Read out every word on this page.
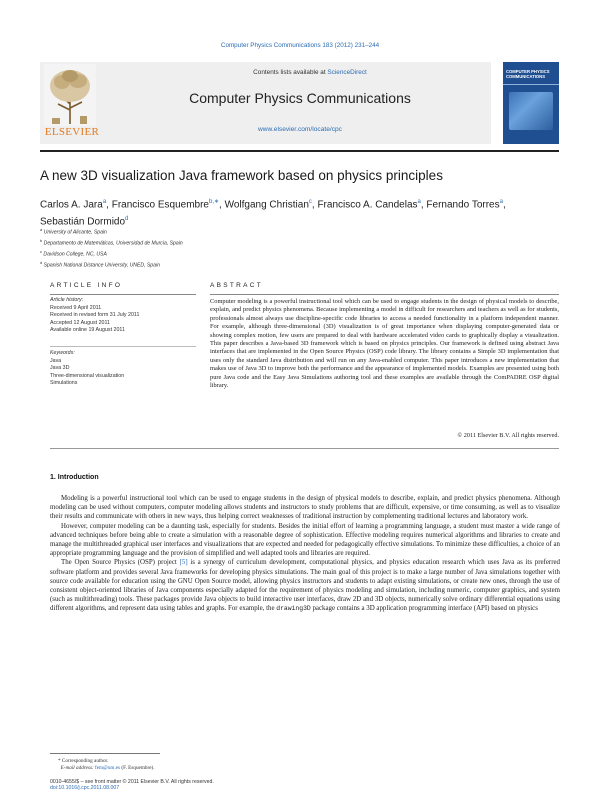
Computer Physics Communications 183 (2012) 231–244
ELSEVIER
Contents lists available at ScienceDirect
Computer Physics Communications
www.elsevier.com/locate/cpc
COMPUTER PHYSICS COMMUNICATIONS
A new 3D visualization Java framework based on physics principles
Carlos A. Jara$^a$, Francisco Esquembre$^{b,∗}$, Wolfgang Christian$^c$, Francisco A. Candelas$^a$, Fernando Torres$^a$,
Sebastián Dormido$^d$
$^a$ University of Alicante, Spain
$^b$ Departamento de Matemáticas, Universidad de Murcia, Spain
$^c$ Davidson College, NC, USA
$^d$ Spanish National Distance University, UNED, Spain
ARTICLE INFO
Article history:
Received 9 April 2011
Received in revised form 31 July 2011
Accepted 12 August 2011
Available online 19 August 2011
Keywords:
Java
Java 3D
Three-dimensional visualization
Simulations
ABSTRACT
Computer modeling is a powerful instructional tool which can be used to engage students in the design of physical models to describe, explain, and predict physics phenomena. Because implementing a model in difficult for researchers and teachers as well as for students, professionals almost always use discipline-specific code libraries to access a needed functionality in a platform independent manner. For example, although three-dimensional (3D) visualization is of great importance when displaying computer-generated data or showing complex motion, few users are prepared to deal with hardware accelerated video cards to graphically display a visualization. This paper describes a Java-based 3D framework which is based on physics principles. Our framework is defined using abstract Java interfaces that are implemented in the Open Source Physics (OSP) code library. The library contains a Simple 3D implementation that uses only the standard Java distribution and will run on any Java-enabled computer. This paper introduces a new implementation that makes use of Java 3D to improve both the performance and the appearance of implemented models. Examples are presented using both pure Java code and the Easy Java Simulations authoring tool and these examples are available through the ComPADRE OSP digital library.
© 2011 Elsevier B.V. All rights reserved.
1. Introduction

Modeling is a powerful instructional tool which can be used to engage students in the design of physical models to describe, explain, and predict physics phenomena. Although modeling can be used without computers, computer modeling allows students and instructors to study problems that are difficult, expensive, or time consuming, as well as to visualize their results and communicate with others in new ways, thus helping correct weaknesses of traditional instruction by complementing traditional lectures and laboratory work.

However, computer modeling can be a daunting task, especially for students. Besides the initial effort of learning a programming language, a student must master a wide range of advanced techniques before being able to create a simulation with a reasonable degree of sophistication. Effective modeling requires numerical algorithms and libraries to create and manage the multithreaded graphical user interfaces and visualizations that are expected and needed for pedagogically effective simulations. To minimize these difficulties, a choice of an appropriate programming language and the provision of simplified and well adapted tools and libraries are required.

The Open Source Physics (OSP) project [5] is a synergy of curriculum development, computational physics, and physics education research which uses Java as its preferred software platform and provides several Java frameworks for developing physics simulations. The main goal of this project is to make a large number of Java simulations together with source code available for education using the GNU Open Source model, allowing physics instructors and students to adapt existing simulations, or create new ones, through the use of consistent object-oriented libraries of Java components especially adapted for the requirement of physics modeling and simulation, including numeric, computer graphics, and system (such as multithreading) tools. These packages provide Java objects to build interactive user interfaces, draw 2D and 3D objects, numerically solve ordinary differential equations using different algorithms, and represent data using tables and graphs. For example, the drawing3D package contains a 3D application programming interface (API) based on physics

* Corresponding author.
E-mail address: fem@um.es (F. Esquembre).
0010-4655/$ – see front matter © 2011 Elsevier B.V. All rights reserved.
doi:10.1016/j.cpc.2011.08.007
